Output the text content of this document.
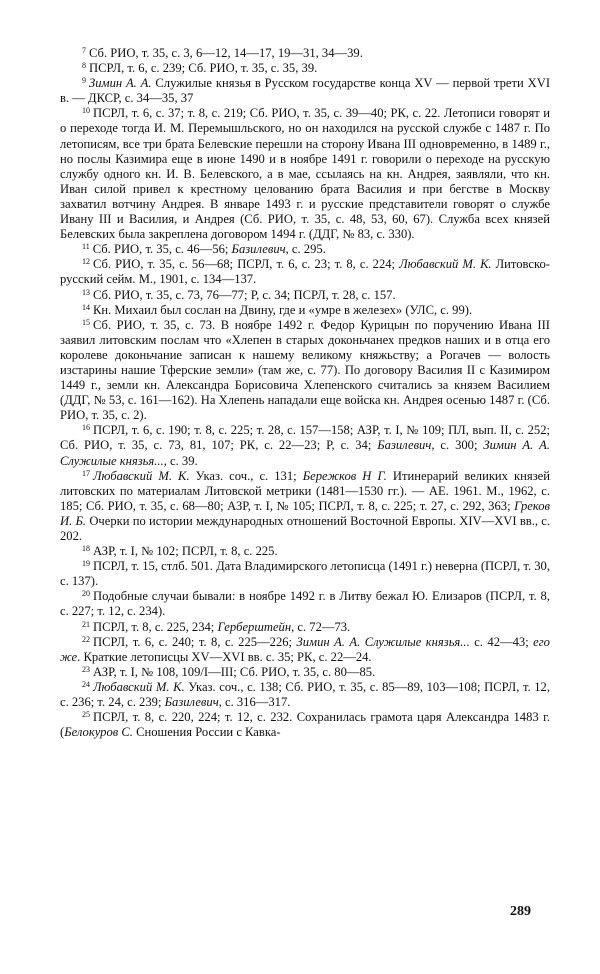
$^7$ Сб. РИО, т. 35, с. 3, 6—12, 14—17, 19—31, 34—39.

$^8$ ПСРЛ, т. 6, с. 239; Сб. РИО, т. 35, с. 35, 39.

$^9$ Зимин А. А. Служилые князья в Русском государстве конца XV — первой трети XVI в. — ДКСР, с. 34—35, 37

$^{10}$ ПСРЛ, т. 6, с. 37; т. 8, с. 219; Сб. РИО, т. 35, с. 39—40; РК, с. 22. Летописи говорят и о переходе тогда И. М. Перемышльского, но он находился на русской службе с 1487 г. По летописям, все три брата Белевские перешли на сторону Ивана III одновременно, в 1489 г., но послы Казимира еще в июне 1490 и в ноябре 1491 г. говорили о переходе на русскую службу одного кн. И. В. Белевского, а в мае, ссылаясь на кн. Андрея, заявляли, что кн. Иван силой привел к крестному целованию брата Василия и при бегстве в Москву захватил вотчину Андрея. В январе 1493 г. и русские представители говорят о службе Ивану III и Василия, и Андрея (Сб. РИО, т. 35, с. 48, 53, 60, 67). Служба всех князей Белевских была закреплена договором 1494 г. (ДДГ, № 83, с. 330).

$^{11}$ Сб. РИО, т. 35, с. 46—56; Базилевич, с. 295.

$^{12}$ Сб. РИО, т. 35, с. 56—68; ПСРЛ, т. 6, с. 23; т. 8, с. 224; Любавский М. К. Литовско-русский сейм. М., 1901, с. 134—137.

$^{13}$ Сб. РИО, т. 35, с. 73, 76—77; Р, с. 34; ПСРЛ, т. 28, с. 157.

$^{14}$ Кн. Михаил был сослан на Двину, где и «умре в железех» (УЛС, с. 99).

$^{15}$ Сб. РИО, т. 35, с. 73. В ноябре 1492 г. Федор Курицын по поручению Ивана III заявил литовским послам что «Хлепен в старых доконьчанех предков наших и в отца его королеве доконьчание записан к нашему великому княжьству; а Рогачев — волость изстарины нашие Тферские земли» (там же, с. 77). По договору Василия II с Казимиром 1449 г., земли кн. Александра Борисовича Хлепенского считались за князем Василием (ДДГ, № 53, с. 161—162). На Хлепень нападали еще войска кн. Андрея осенью 1487 г. (Сб. РИО, т. 35, с. 2).

$^{16}$ ПСРЛ, т. 6, с. 190; т. 8, с. 225; т. 28, с. 157—158; АЗР, т. I, № 109; ПЛ, вып. II, с. 252; Сб. РИО, т. 35, с. 73, 81, 107; РК, с. 22—23; Р, с. 34; Базилевич, с. 300; Зимин А. А. Служилые князья..., с. 39.

$^{17}$ Любавский М. К. Указ. соч., с. 131; Бережков Н Г. Итинерарий великих князей литовских по материалам Литовской метрики (1481—1530 гг.). — АЕ. 1961. М., 1962, с. 185; Сб. РИО, т. 35, с. 68—80; АЗР, т. I, № 105; ПСРЛ, т. 8, с. 225; т. 27, с. 292, 363; Греков И. Б. Очерки по истории международных отношений Восточной Европы. XIV—XVI вв., с. 202.

$^{18}$ АЗР, т. I, № 102; ПСРЛ, т. 8, с. 225.

$^{19}$ ПСРЛ, т. 15, стлб. 501. Дата Владимирского летописца (1491 г.) неверна (ПСРЛ, т. 30, с. 137).

$^{20}$ Подобные случаи бывали: в ноябре 1492 г. в Литву бежал Ю. Елизаров (ПСРЛ, т. 8, с. 227; т. 12, с. 234).

$^{21}$ ПСРЛ, т. 8, с. 225, 234; Герберштейн, с. 72—73.

$^{22}$ ПСРЛ, т. 6, с. 240; т. 8, с. 225—226; Зимин А. А. Служилые князья... с. 42—43; его же. Краткие летописцы XV—XVI вв. с. 35; РК, с. 22—24.

$^{23}$ АЗР, т. I, № 108, 109/I—III; Сб. РИО, т. 35, с. 80—85.

$^{24}$ Любавский М. К. Указ. соч., с. 138; Сб. РИО, т. 35, с. 85—89, 103—108; ПСРЛ, т. 12, с. 236; т. 24, с. 239; Базилевич, с. 316—317.

$^{25}$ ПСРЛ, т. 8, с. 220, 224; т. 12, с. 232. Сохранилась грамота царя Александра 1483 г. (Белокуров С. Сношения России с Кавка-

289
